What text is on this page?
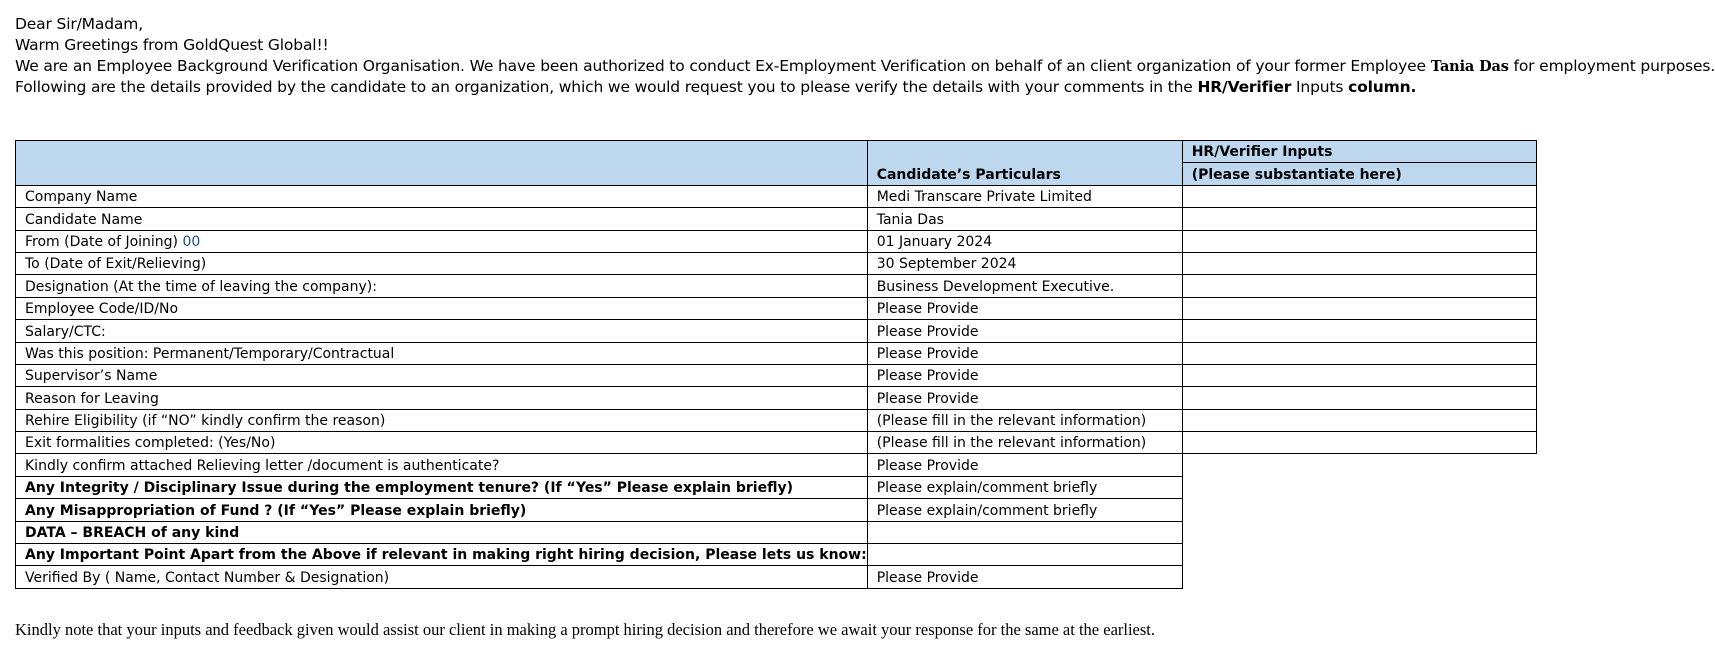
Dear Sir/Madam,
Warm Greetings from GoldQuest Global!!
We are an Employee Background Verification Organisation. We have been authorized to conduct Ex-Employment Verification on behalf of an client organization of your former Employee Tania Das for employment purposes.
Following are the details provided by the candidate to an organization, which we would request you to please verify the details with your comments in the HR/Verifier Inputs column.
	Candidate’s Particulars	HR/Verifier Inputs
		(Please substantiate here)
Company Name	Medi Transcare Private Limited	
Candidate Name	Tania Das	
From (Date of Joining) 00	01 January 2024	
To (Date of Exit/Relieving)	30 September 2024	
Designation (At the time of leaving the company):	Business Development Executive.	
Employee Code/ID/No	Please Provide	
Salary/CTC:	Please Provide	
Was this position: Permanent/Temporary/Contractual	Please Provide	
Supervisor’s Name	Please Provide	
Reason for Leaving	Please Provide	
Rehire Eligibility (if “NO” kindly confirm the reason)	(Please fill in the relevant information)	
Exit formalities completed: (Yes/No)	(Please fill in the relevant information)	
Kindly confirm attached Relieving letter /document is authenticate?	Please Provide	
Any Integrity / Disciplinary Issue during the employment tenure? (If “Yes” Please explain briefly)	Please explain/comment briefly	
Any Misappropriation of Fund ? (If “Yes” Please explain briefly)	Please explain/comment briefly	
DATA – BREACH of any kind		
Any Important Point Apart from the Above if relevant in making right hiring decision, Please lets us know:		
Verified By ( Name, Contact Number & Designation)	Please Provide	
Kindly note that your inputs and feedback given would assist our client in making a prompt hiring decision and therefore we await your response for the same at the earliest.
